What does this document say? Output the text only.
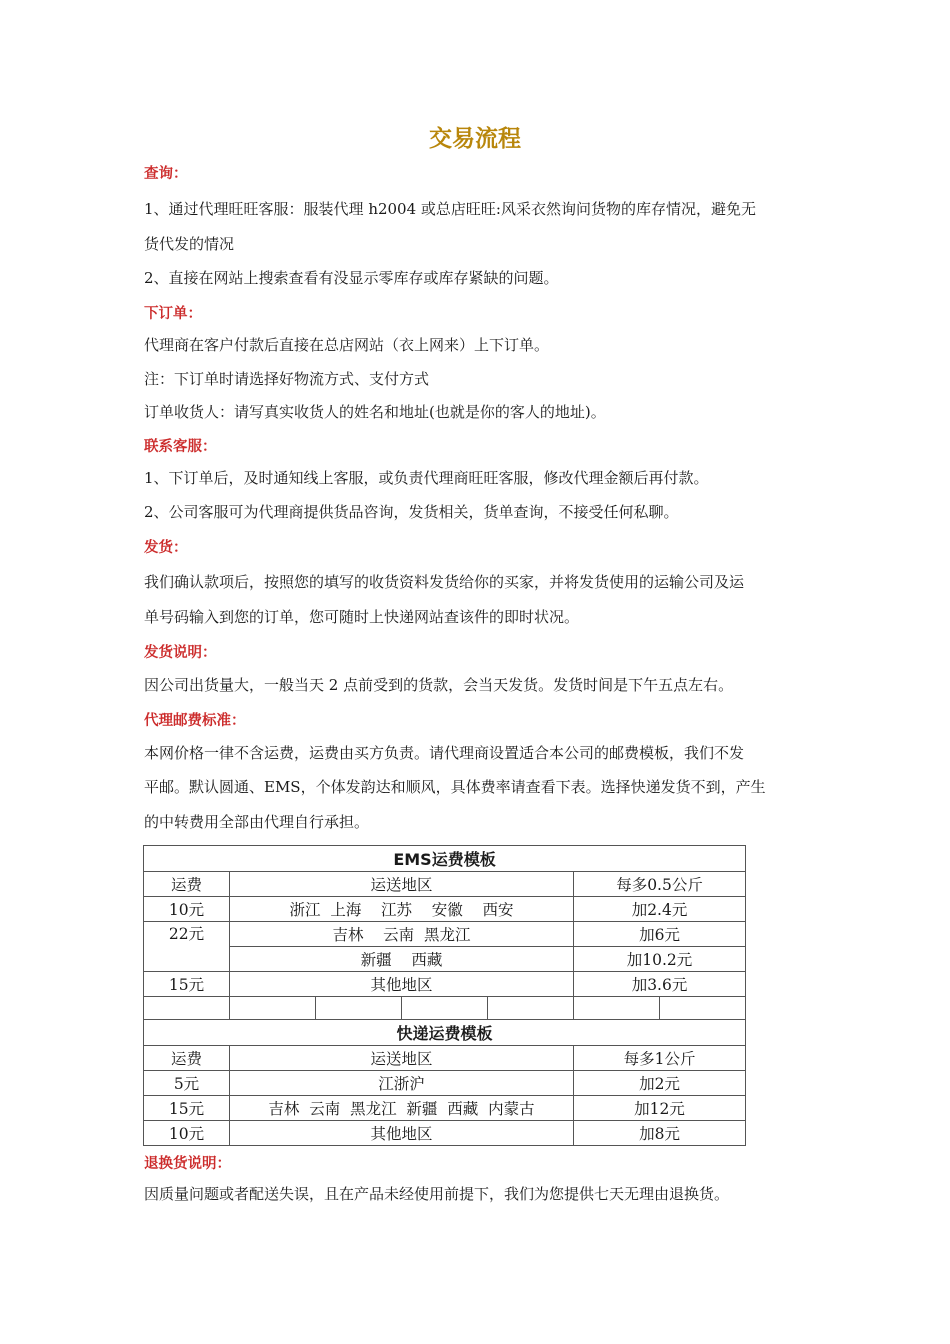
交易流程
查询：
1、通过代理旺旺客服：服装代理 h2004 或总店旺旺:风采衣然询问货物的库存情况，避免无
货代发的情况
2、直接在网站上搜索查看有没显示零库存或库存紧缺的问题。
下订单：
代理商在客户付款后直接在总店网站（衣上网来）上下订单。
注：下订单时请选择好物流方式、支付方式
订单收货人：请写真实收货人的姓名和地址(也就是你的客人的地址)。
联系客服：
1、下订单后，及时通知线上客服，或负责代理商旺旺客服，修改代理金额后再付款。
2、公司客服可为代理商提供货品咨询，发货相关，货单查询，不接受任何私聊。
发货：
我们确认款项后，按照您的填写的收货资料发货给你的买家，并将发货使用的运输公司及运
单号码输入到您的订单，您可随时上快递网站查该件的即时状况。
发货说明：
因公司出货量大，一般当天 2 点前受到的货款，会当天发货。发货时间是下午五点左右。
代理邮费标准：
本网价格一律不含运费，运费由买方负责。请代理商设置适合本公司的邮费模板，我们不发
平邮。默认圆通、EMS，个体发韵达和顺风，具体费率请查看下表。选择快递发货不到，产生
的中转费用全部由代理自行承担。
EMS运费模板						
运费	运送地区				每多0.5公斤	
10元	浙江  上海    江苏    安徽    西安				加2.4元	
22元	吉林    云南  黑龙江				加6元	
	新疆    西藏				加10.2元	
15元	其他地区				加3.6元	

快递运费模板						
运费	运送地区				每多1公斤	
5元	江浙沪				加2元	
15元	吉林  云南  黑龙江  新疆  西藏  内蒙古				加12元	
10元	其他地区				加8元	
退换货说明：
因质量问题或者配送失误，且在产品未经使用前提下，我们为您提供七天无理由退换货。
